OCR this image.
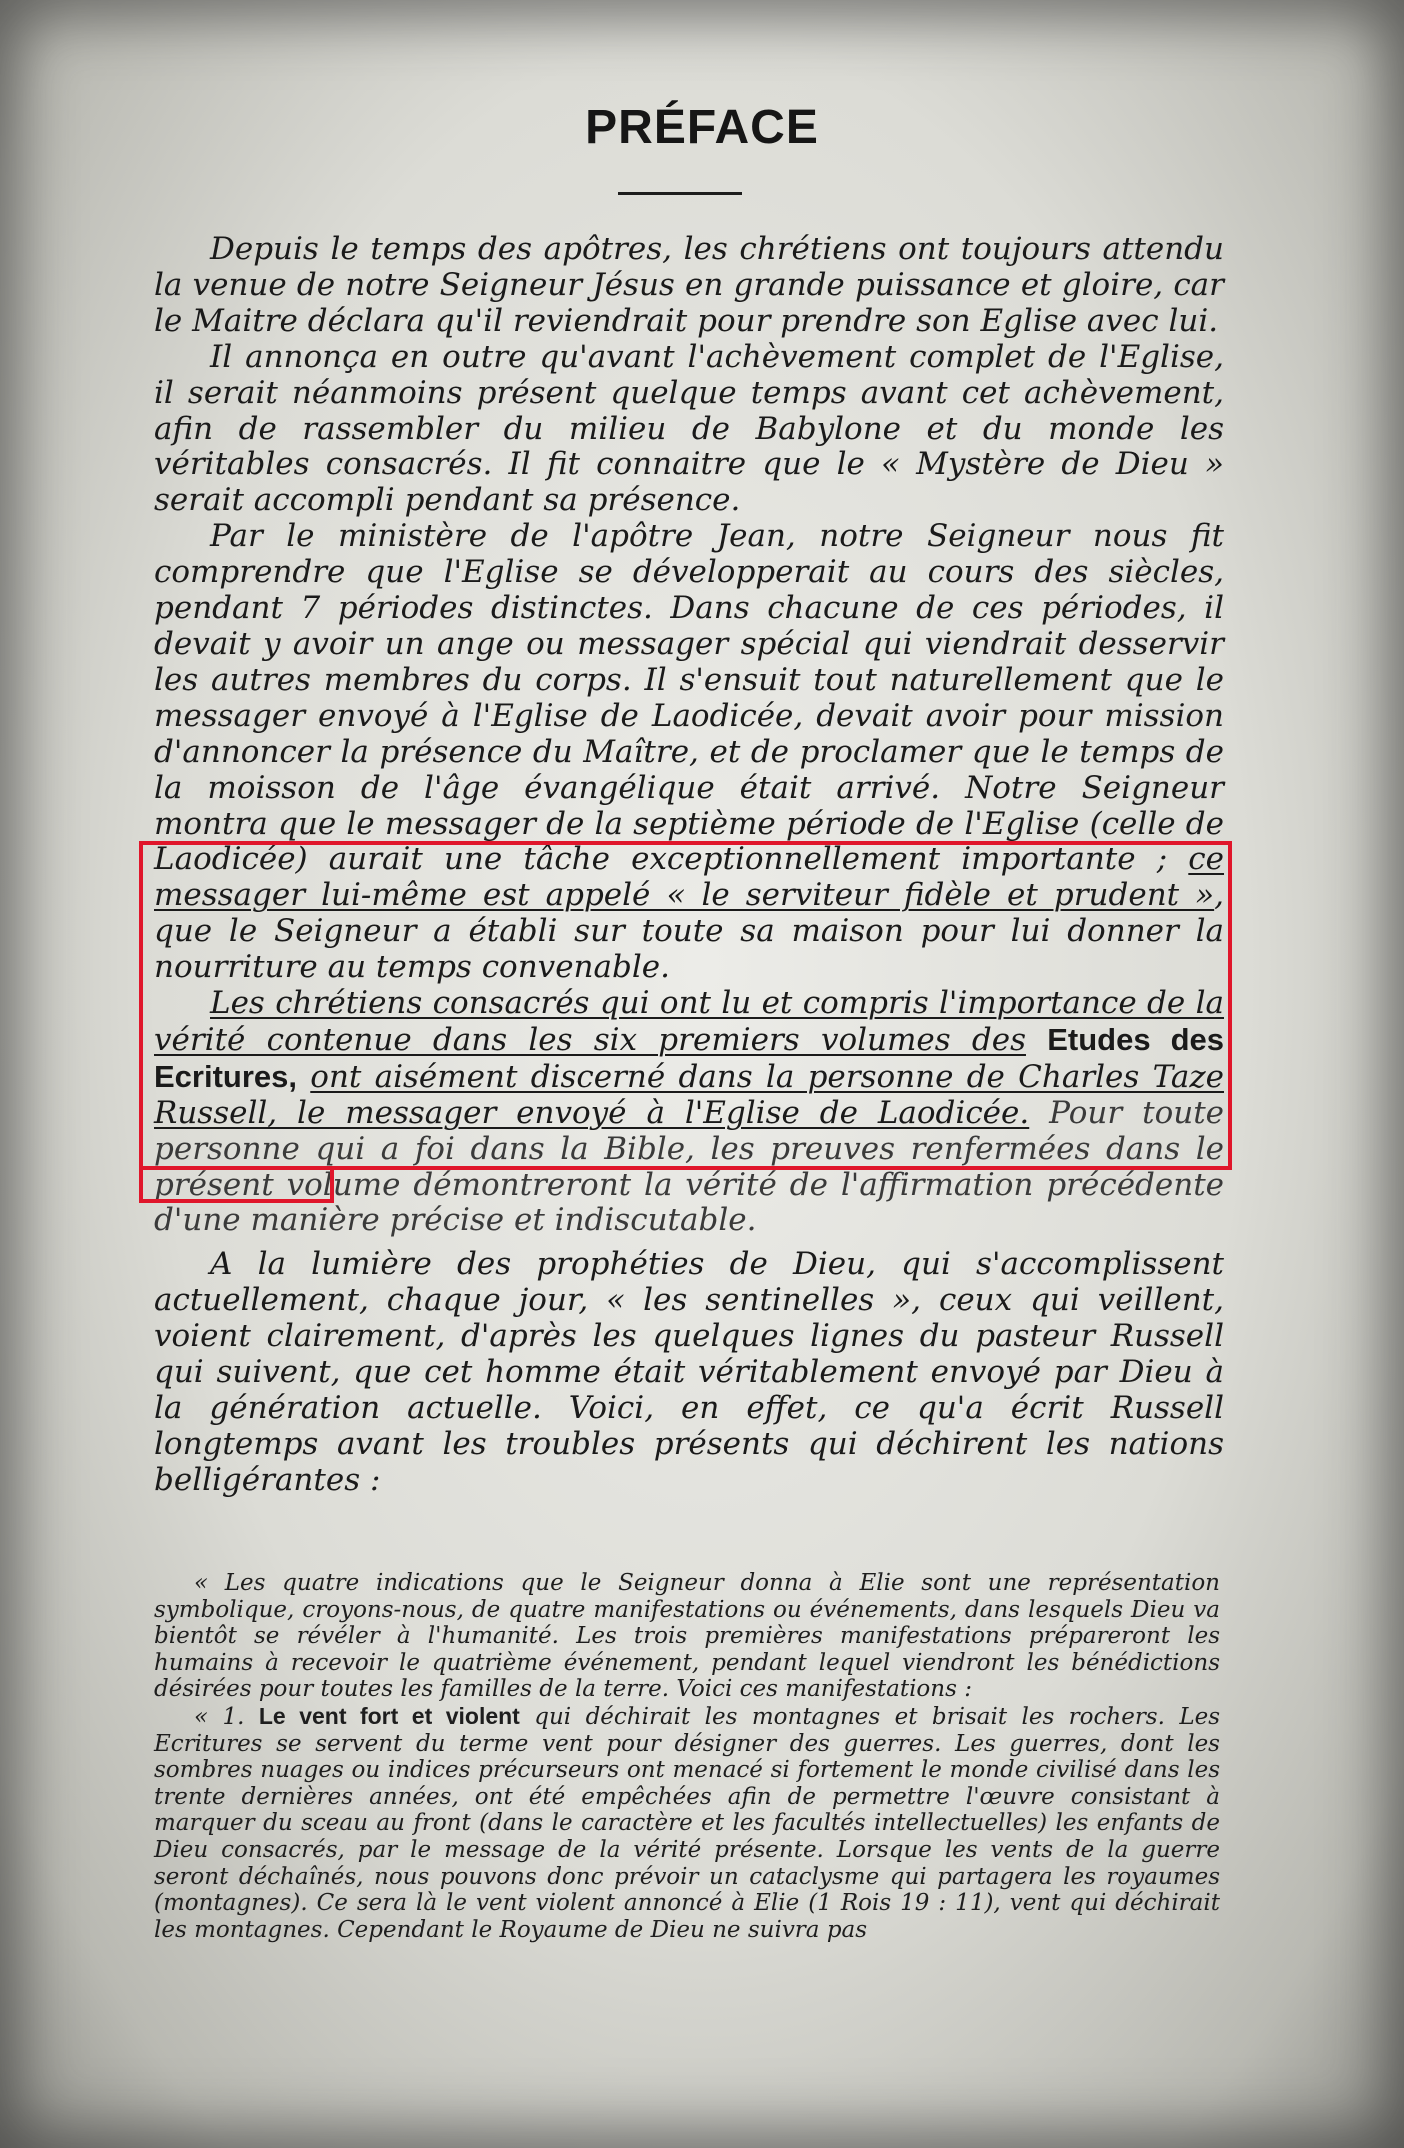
PRÉFACE

Depuis le temps des apôtres, les chrétiens ont toujours attendu la venue de notre Seigneur Jésus en grande puissance et gloire, car le Maitre déclara qu'il reviendrait pour prendre son Eglise avec lui.

Il annonça en outre qu'avant l'achèvement complet de l'Eglise, il serait néanmoins présent quelque temps avant cet achèvement, afin de rassembler du milieu de Babylone et du monde les véritables consacrés. Il fit connaitre que le « Mystère de Dieu » serait accompli pendant sa présence.

Par le ministère de l'apôtre Jean, notre Seigneur nous fit comprendre que l'Eglise se développerait au cours des siècles, pendant 7 périodes distinctes. Dans chacune de ces périodes, il devait y avoir un ange ou messager spécial qui viendrait desservir les autres membres du corps. Il s'ensuit tout naturellement que le messager envoyé à l'Eglise de Laodicée, devait avoir pour mission d'annoncer la présence du Maître, et de proclamer que le temps de la moisson de l'âge évangélique était arrivé. Notre Seigneur montra que le messager de la septième période de l'Eglise (celle de Laodicée) aurait une tâche exceptionnellement importante ; ce messager lui-même est appelé « le serviteur fidèle et prudent », que le Seigneur a établi sur toute sa maison pour lui donner la nourriture au temps convenable.

Les chrétiens consacrés qui ont lu et compris l'importance de la vérité contenue dans les six premiers volumes des Etudes des Ecritures, ont aisément discerné dans la personne de Charles Taze Russell, le messager envoyé à l'Eglise de Laodicée. Pour toute personne qui a foi dans la Bible, les preuves renfermées dans le présent volume démontreront la vérité de l'affirmation précédente d'une manière précise et indiscutable.

A la lumière des prophéties de Dieu, qui s'accomplissent actuellement, chaque jour, « les sentinelles », ceux qui veillent, voient clairement, d'après les quelques lignes du pasteur Russell qui suivent, que cet homme était véritablement envoyé par Dieu à la génération actuelle. Voici, en effet, ce qu'a écrit Russell longtemps avant les troubles présents qui déchirent les nations belligérantes :

« Les quatre indications que le Seigneur donna à Elie sont une représentation symbolique, croyons-nous, de quatre manifestations ou événements, dans lesquels Dieu va bientôt se révéler à l'humanité. Les trois premières manifestations prépareront les humains à recevoir le quatrième événement, pendant lequel viendront les bénédictions désirées pour toutes les familles de la terre. Voici ces manifestations :

« 1. Le vent fort et violent qui déchirait les montagnes et brisait les rochers. Les Ecritures se servent du terme vent pour désigner des guerres. Les guerres, dont les sombres nuages ou indices précurseurs ont menacé si fortement le monde civilisé dans les trente dernières années, ont été empêchées afin de permettre l'œuvre consistant à marquer du sceau au front (dans le caractère et les facultés intellectuelles) les enfants de Dieu consacrés, par le message de la vérité présente. Lorsque les vents de la guerre seront déchaînés, nous pouvons donc prévoir un cataclysme qui partagera les royaumes (montagnes). Ce sera là le vent violent annoncé à Elie (1 Rois 19 : 11), vent qui déchirait les montagnes. Cependant le Royaume de Dieu ne suivra pas
